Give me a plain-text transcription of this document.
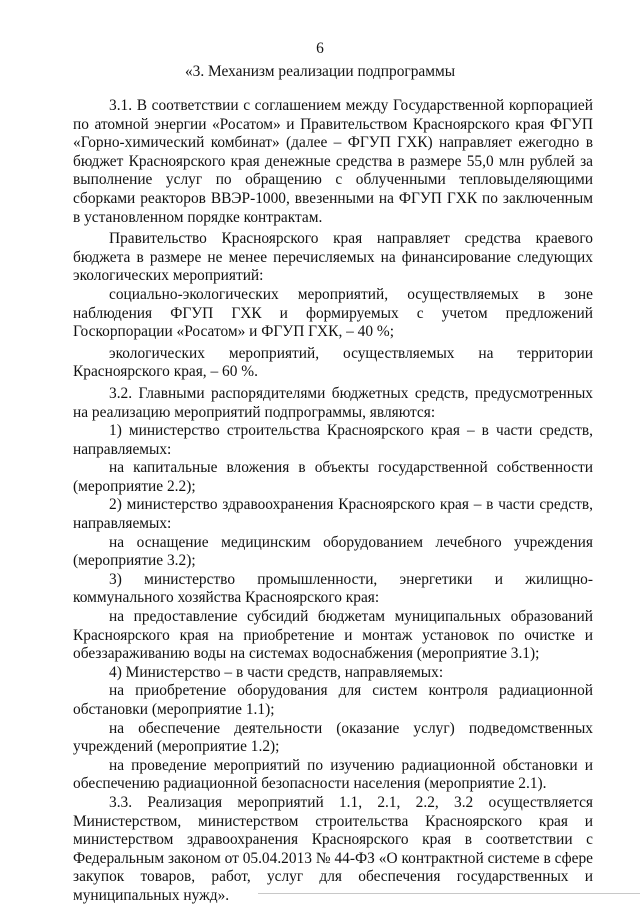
6
«3. Механизм реализации подпрограммы

3.1. В соответствии с соглашением между Государственной корпорацией по атомной энергии «Росатом» и Правительством Красноярского края ФГУП «Горно-химический комбинат» (далее – ФГУП ГХК) направляет ежегодно в бюджет Красноярского края денежные средства в размере 55,0 млн рублей за выполнение услуг по обращению с облученными тепловыделяющими сборками реакторов ВВЭР-1000, ввезенными на ФГУП ГХК по заключенным в установленном порядке контрактам.

Правительство Красноярского края направляет средства краевого бюджета в размере не менее перечисляемых на финансирование следующих экологических мероприятий:

социально-экологических мероприятий, осуществляемых в зоне наблюдения ФГУП ГХК и формируемых с учетом предложений Госкорпорации «Росатом» и ФГУП ГХК, – 40 %;

экологических мероприятий, осуществляемых на территории Красноярского края, – 60 %.

3.2. Главными распорядителями бюджетных средств, предусмотренных на реализацию мероприятий подпрограммы, являются:

1) министерство строительства Красноярского края – в части средств, направляемых:

на капитальные вложения в объекты государственной собственности (мероприятие 2.2);

2) министерство здравоохранения Красноярского края – в части средств, направляемых:

на оснащение медицинским оборудованием лечебного учреждения (мероприятие 3.2);

3) министерство промышленности, энергетики и жилищно-коммунального хозяйства Красноярского края:

на предоставление субсидий бюджетам муниципальных образований Красноярского края на приобретение и монтаж установок по очистке и обеззараживанию воды на системах водоснабжения (мероприятие 3.1);

4) Министерство – в части средств, направляемых:

на приобретение оборудования для систем контроля радиационной обстановки (мероприятие 1.1);

на обеспечение деятельности (оказание услуг) подведомственных учреждений (мероприятие 1.2);

на проведение мероприятий по изучению радиационной обстановки и обеспечению радиационной безопасности населения (мероприятие 2.1).

3.3. Реализация мероприятий 1.1, 2.1, 2.2, 3.2 осуществляется Министерством, министерством строительства Красноярского края и министерством здравоохранения Красноярского края в соответствии с Федеральным законом от 05.04.2013 № 44-ФЗ «О контрактной системе в сфере закупок товаров, работ, услуг для обеспечения государственных и муниципальных нужд».
